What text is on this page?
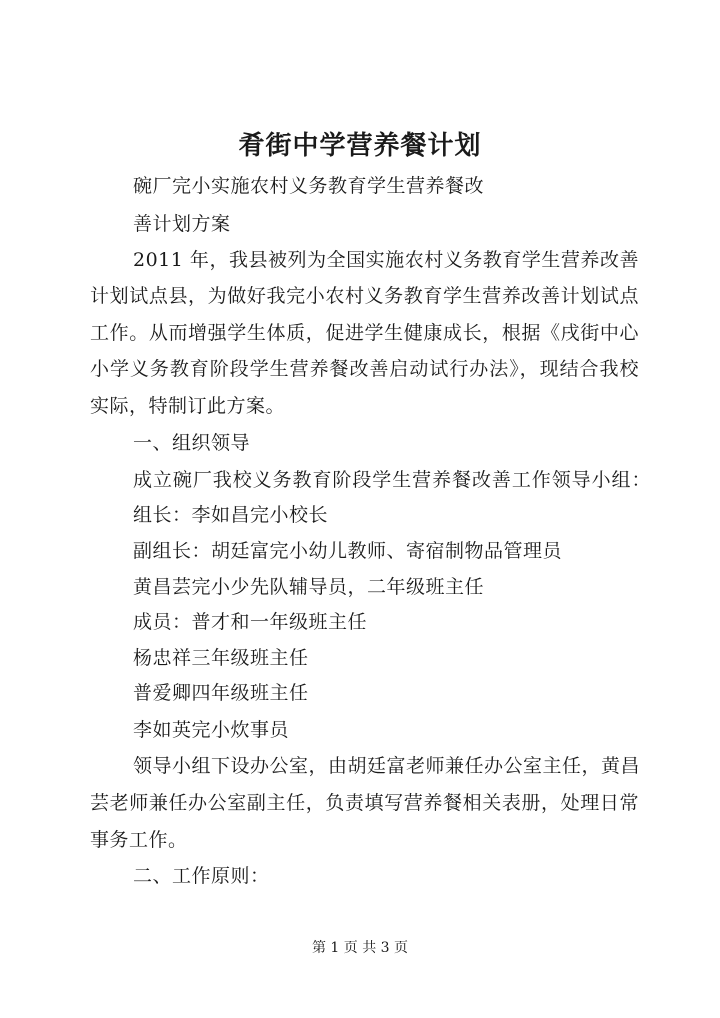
肴街中学营养餐计划
碗厂完小实施农村义务教育学生营养餐改
善计划方案
2011 年，我县被列为全国实施农村义务教育学生营养改善
计划试点县，为做好我完小农村义务教育学生营养改善计划试点
工作。从而增强学生体质，促进学生健康成长，根据《戌街中心
小学义务教育阶段学生营养餐改善启动试行办法》，现结合我校
实际，特制订此方案。
一、组织领导
成立碗厂我校义务教育阶段学生营养餐改善工作领导小组：
组长：李如昌完小校长
副组长：胡廷富完小幼儿教师、寄宿制物品管理员
黄昌芸完小少先队辅导员，二年级班主任
成员：普才和一年级班主任
杨忠祥三年级班主任
普爱卿四年级班主任
李如英完小炊事员
领导小组下设办公室，由胡廷富老师兼任办公室主任，黄昌
芸老师兼任办公室副主任，负责填写营养餐相关表册，处理日常
事务工作。
二、工作原则：
第 1 页 共 3 页
